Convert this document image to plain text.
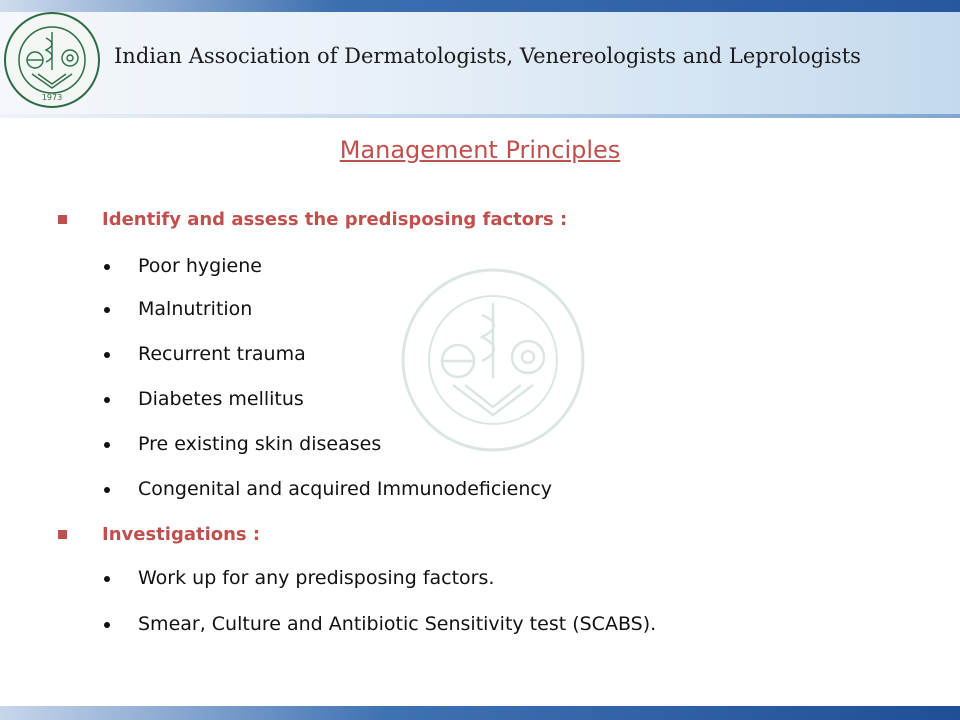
1973
Indian Association of Dermatologists, Venereologists and Leprologists
Management Principles
Identify and assess the predisposing factors :
Poor hygiene
Malnutrition
Recurrent trauma
Diabetes mellitus
Pre existing skin diseases
Congenital and acquired Immunodeficiency
Investigations :
Work up for any predisposing factors.
Smear, Culture and Antibiotic Sensitivity test (SCABS).
